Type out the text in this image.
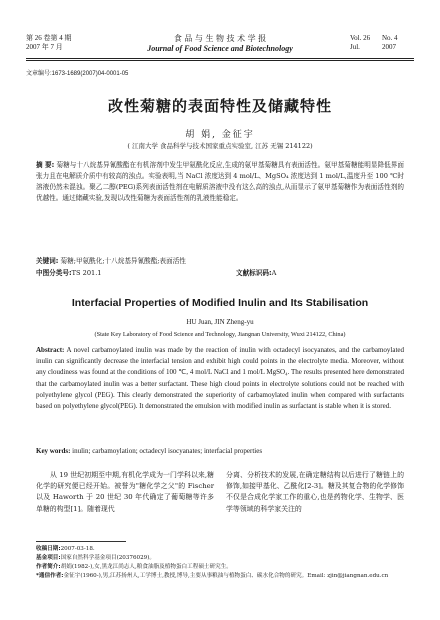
第 26 卷第 4 期
2007 年 7 月
食 品 与 生 物 技 术 学 报
Journal of Food Science and Biotechnology
Vol. 26 No. 4
Jul.	2007
文章编号:1673-1689(2007)04-0001-05
改性菊糖的表面特性及储藏特性
胡 娟, 金征宇
( 江南大学 食品科学与技术国家重点实验室, 江苏 无锡 214122)
摘 要: 菊糖与十八烷基异氰酸酯在有机溶剂中发生甲氨酰化反应,生成的氨甲基菊糖具有表面活性。氨甲基菊糖能明显降低界面张力且在电解质介质中有较高的浊点。实验表明,当 NaCl 浓度达到 4 mol/L、MgSO₄ 浓度达到 1 mol/L,温度升至 100 ℃时溶液仍然未混浊。聚乙二醇(PEG)系列表面活性剂在电解质溶液中没有这么高的浊点,从而显示了氨甲基菊糖作为表面活性剂的优越性。通过储藏实验,发现以改性菊糖为表面活性剂的乳液性能稳定。
关键词: 菊糖;甲氨酰化;十八烷基异氰酸酯;表面活性
中图分类号:TS 201.1	文献标识码:A
Interfacial Properties of Modified Inulin and Its Stabilisation
HU Juan, JIN Zheng-yu
(State Key Laboratory of Food Science and Technology, Jiangnan University, Wuxi 214122, China)
Abstract: A novel carbamoylated inulin was made by the reaction of inulin with octadecyl isocyanates, and the carbamoylated inulin can significantly decrease the interfacial tension and exhibit high could points in the electrolyte media. Moreover, without any cloudiness was found at the conditions of 100 ℃, 4 mol/L NaCl and 1 mol/L MgSO₄. The results presented here demonstrated that the carbamoylated inulin was a better surfactant. These high cloud points in electrolyte solutions could not be reached with polyethylene glycol (PEG). This clearly demonstrated the superiority of carbamoylated inulin when compared with surfactants based on polyethylene glycol(PEG). It demonstrated the emulsion with modified inulin as surfactant is stable when it is stored.
Key words: inulin; carbamoylation; octadecyl isocyanates; interfacial properties
从 19 世纪初期至中期,有机化学成为一门学科以来,糖化学的研究便已经开始。被誉为"糖化学之父"的 Fischer 以及 Haworth 于 20 世纪 30 年代确定了葡萄糖等许多单糖的构型[1]。随着现代
分离、分析技术的发展,在确定糖结构以后进行了糖链上的修饰,如接甲基化、乙酰化[2-3]。糖及其复合物的化学修饰不仅是合成化学家工作的重心,也是药物化学、生物学、医学等领域的科学家关注的
收稿日期:2007-03-18.
基金项目:国家自然科学基金项目(20376029)。
作者简介:胡娟(1982-),女,黑龙江尚志人,粮食油脂及植物蛋白工程硕士研究生。
*通信作者:金征宇(1960-),男,江苏扬州人,工学博士,教授,博导,主要从事粮油与植物蛋白、碳水化合物的研究。Email: zjin@jiangnan.edu.cn
